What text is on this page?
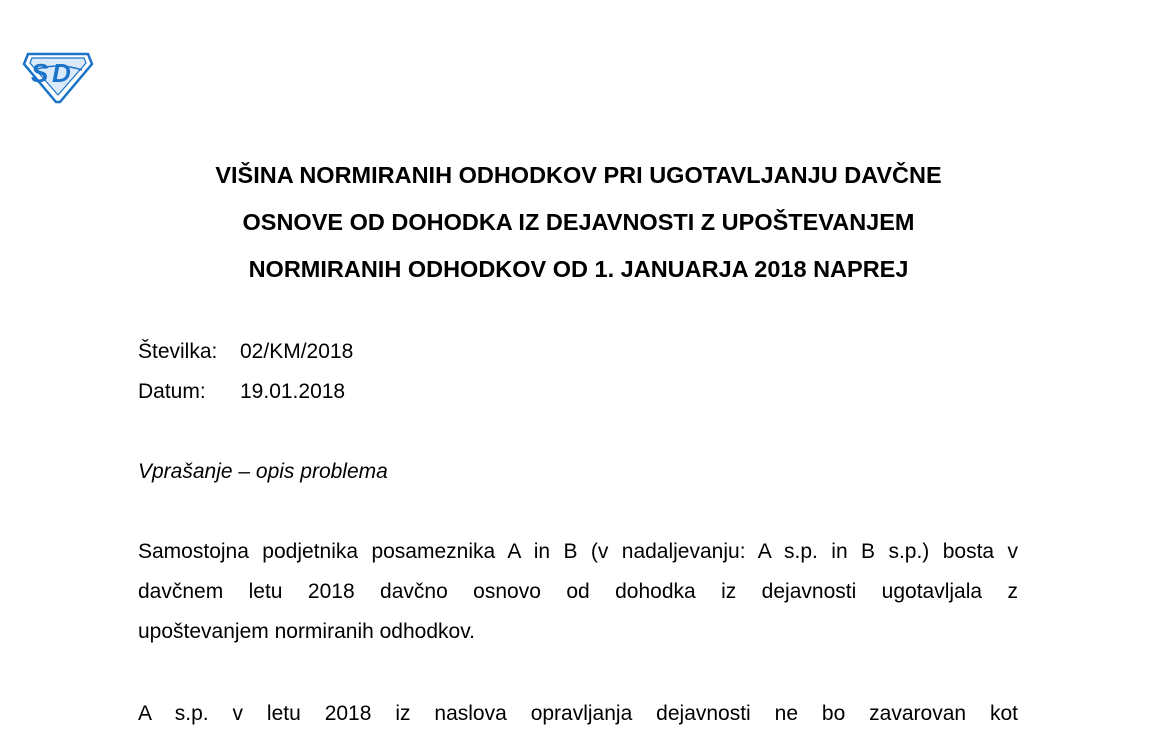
S D
VIŠINA NORMIRANIH ODHODKOV PRI UGOTAVLJANJU DAVČNE
OSNOVE OD DOHODKA IZ DEJAVNOSTI Z UPOŠTEVANJEM
NORMIRANIH ODHODKOV OD 1. JANUARJA 2018 NAPREJ
Številka: 02/KM/2018
Datum: 19.01.2018
Vprašanje – opis problema
Samostojna podjetnika posameznika A in B (v nadaljevanju: A s.p. in B s.p.) bosta v
davčnem letu 2018 davčno osnovo od dohodka iz dejavnosti ugotavljala z
upoštevanjem normiranih odhodkov.
A s.p. v letu 2018 iz naslova opravljanja dejavnosti ne bo zavarovan kot
